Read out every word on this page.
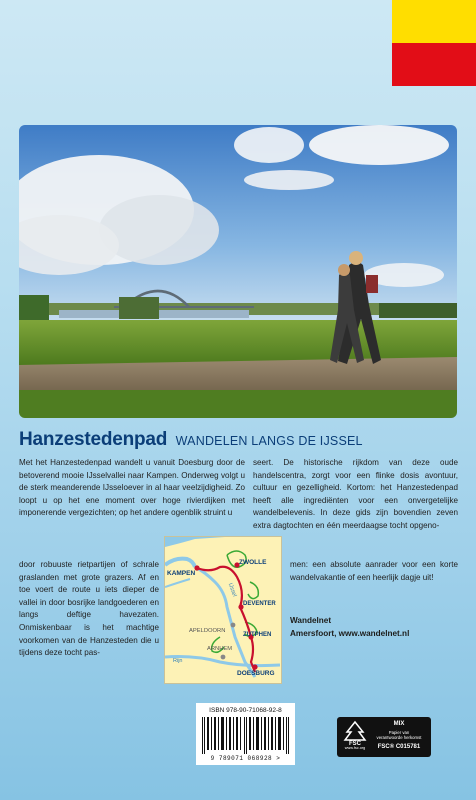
Hanzestedenpad WANDELEN LANGS DE IJSSEL

Met het Hanzestedenpad wandelt u vanuit Doesburg door de betoverend mooie IJsselvallei naar Kampen. Onderweg volgt u de sterk meanderende IJsseloever in al haar veelzijdigheid. Zo loopt u op het ene moment over hoge rivierdijken met imponerende vergezichten; op het andere ogenblik struint u

door robuuste rietpartijen of schrale graslanden met grote grazers. Af en toe voert de route u iets dieper de vallei in door bosrijke landgoederen en langs deftige havezaten. Onmiskenbaar is het machtige voorkomen van de Hanzesteden die u tijdens deze tocht pas-

seert. De historische rijkdom van deze oude handelscentra, zorgt voor een flinke dosis avontuur, cultuur en gezelligheid. Kortom: het Hanzestedenpad heeft alle ingrediënten voor een onvergetelijke wandelbelevenis. In deze gids zijn bovendien zeven extra dagtochten en één meerdaagse tocht opgeno-

men: een absolute aanrader voor een korte wandelvakantie of een heerlijk dagje uit!

Wandelnet
Amersfoort, www.wandelnet.nl
KAMPEN
ZWOLLE
DEVENTER
ZUTPHEN
APELDOORN
ARNHEM
DOESBURG
IJssel
Rijn
ISBN 978-90-71068-92-8
9 789071 068928 >
FSC
www.fsc.org
MIX
Papier van
verantwoorde herkomst
FSC® C015781
